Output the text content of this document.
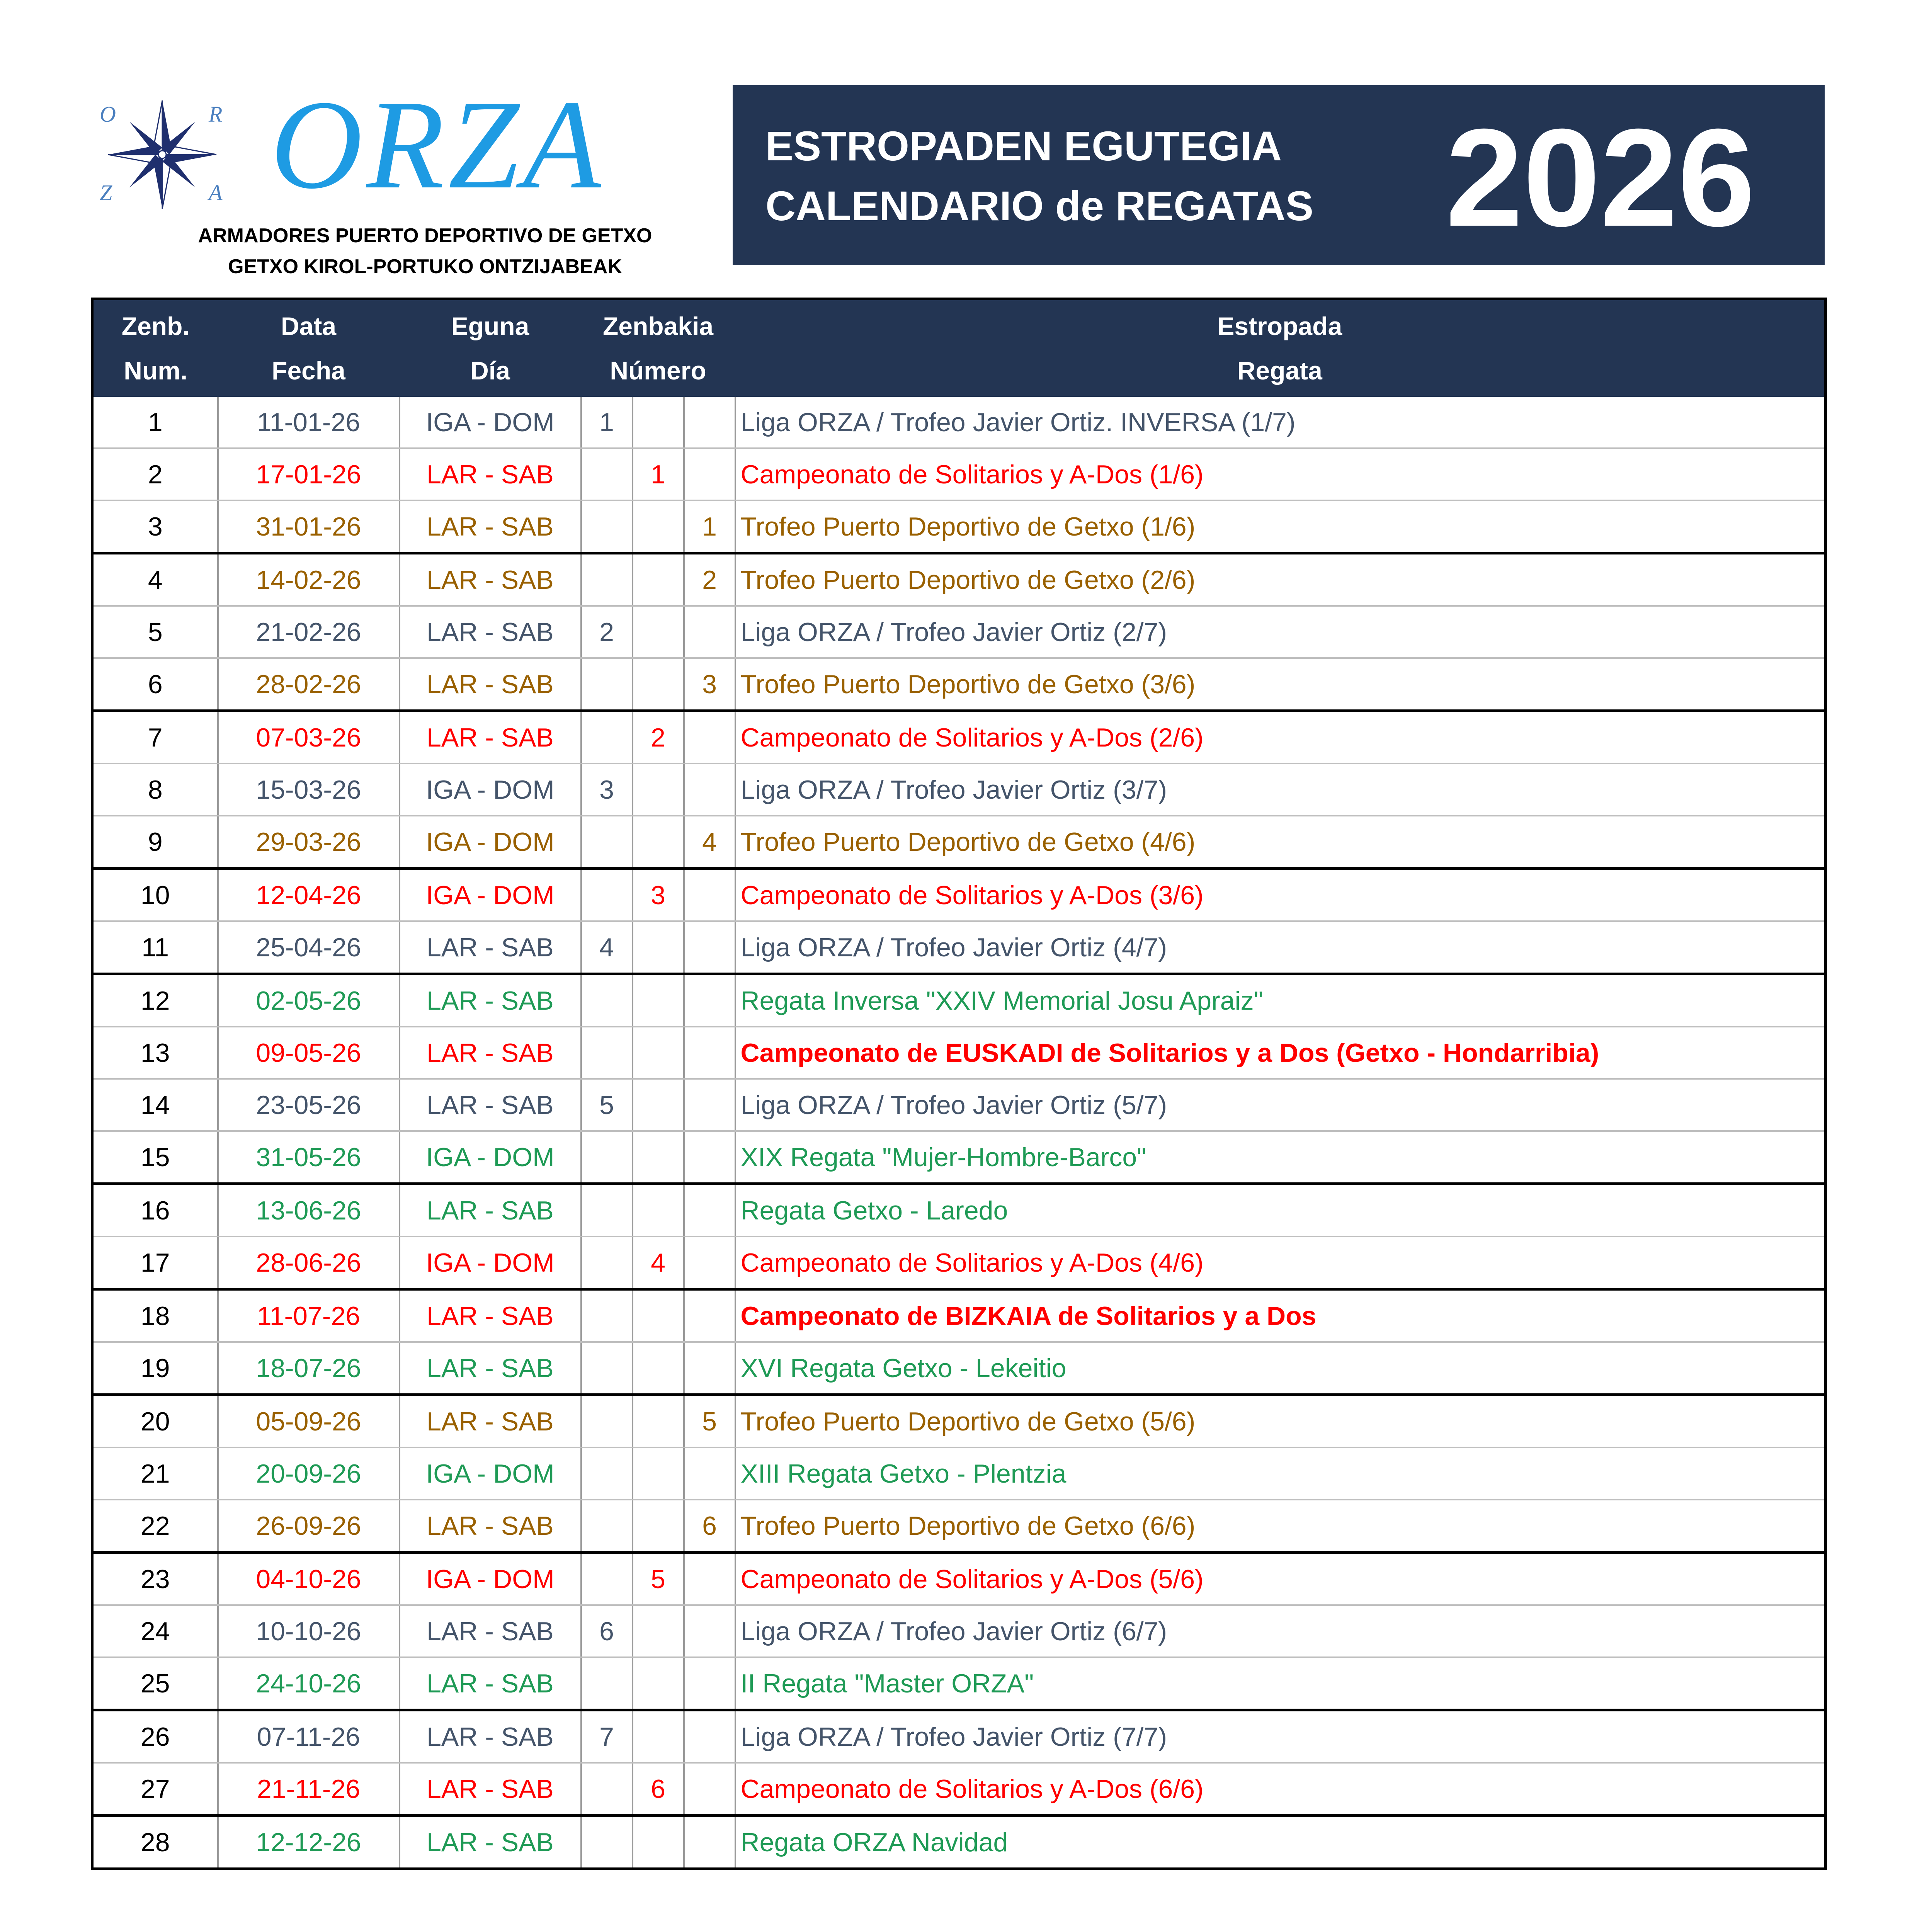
O	R
Z	A ORZA
ARMADORES PUERTO DEPORTIVO DE GETXO
GETXO KIROL-PORTUKO ONTZIJABEAK
ESTROPADEN EGUTEGIA
CALENDARIO de REGATAS 2026
Zenb.	Data	Eguna	Zenbakia			Estropada
Num.	Fecha	Día	Número			Regata
1	11-01-26	IGA - DOM	1			Liga ORZA / Trofeo Javier Ortiz. INVERSA (1/7)
2	17-01-26	LAR - SAB		1		Campeonato de Solitarios y A-Dos (1/6)
3	31-01-26	LAR - SAB			1	Trofeo Puerto Deportivo de Getxo (1/6)
4	14-02-26	LAR - SAB			2	Trofeo Puerto Deportivo de Getxo (2/6)
5	21-02-26	LAR - SAB	2			Liga ORZA / Trofeo Javier Ortiz (2/7)
6	28-02-26	LAR - SAB			3	Trofeo Puerto Deportivo de Getxo (3/6)
7	07-03-26	LAR - SAB		2		Campeonato de Solitarios y A-Dos (2/6)
8	15-03-26	IGA - DOM	3			Liga ORZA / Trofeo Javier Ortiz (3/7)
9	29-03-26	IGA - DOM			4	Trofeo Puerto Deportivo de Getxo (4/6)
10	12-04-26	IGA - DOM		3		Campeonato de Solitarios y A-Dos (3/6)
11	25-04-26	LAR - SAB	4			Liga ORZA / Trofeo Javier Ortiz (4/7)
12	02-05-26	LAR - SAB				Regata Inversa "XXIV Memorial Josu Apraiz"
13	09-05-26	LAR - SAB				Campeonato de EUSKADI de Solitarios y a Dos (Getxo - Hondarribia)
14	23-05-26	LAR - SAB	5			Liga ORZA / Trofeo Javier Ortiz (5/7)
15	31-05-26	IGA - DOM				XIX Regata "Mujer-Hombre-Barco"
16	13-06-26	LAR - SAB				Regata Getxo - Laredo
17	28-06-26	IGA - DOM		4		Campeonato de Solitarios y A-Dos (4/6)
18	11-07-26	LAR - SAB				Campeonato de BIZKAIA de Solitarios y a Dos
19	18-07-26	LAR - SAB				XVI Regata Getxo - Lekeitio
20	05-09-26	LAR - SAB			5	Trofeo Puerto Deportivo de Getxo (5/6)
21	20-09-26	IGA - DOM				XIII Regata Getxo - Plentzia
22	26-09-26	LAR - SAB			6	Trofeo Puerto Deportivo de Getxo (6/6)
23	04-10-26	IGA - DOM		5		Campeonato de Solitarios y A-Dos (5/6)
24	10-10-26	LAR - SAB	6			Liga ORZA / Trofeo Javier Ortiz (6/7)
25	24-10-26	LAR - SAB				II Regata "Master ORZA"
26	07-11-26	LAR - SAB	7			Liga ORZA / Trofeo Javier Ortiz (7/7)
27	21-11-26	LAR - SAB		6		Campeonato de Solitarios y A-Dos (6/6)
28	12-12-26	LAR - SAB				Regata ORZA Navidad
